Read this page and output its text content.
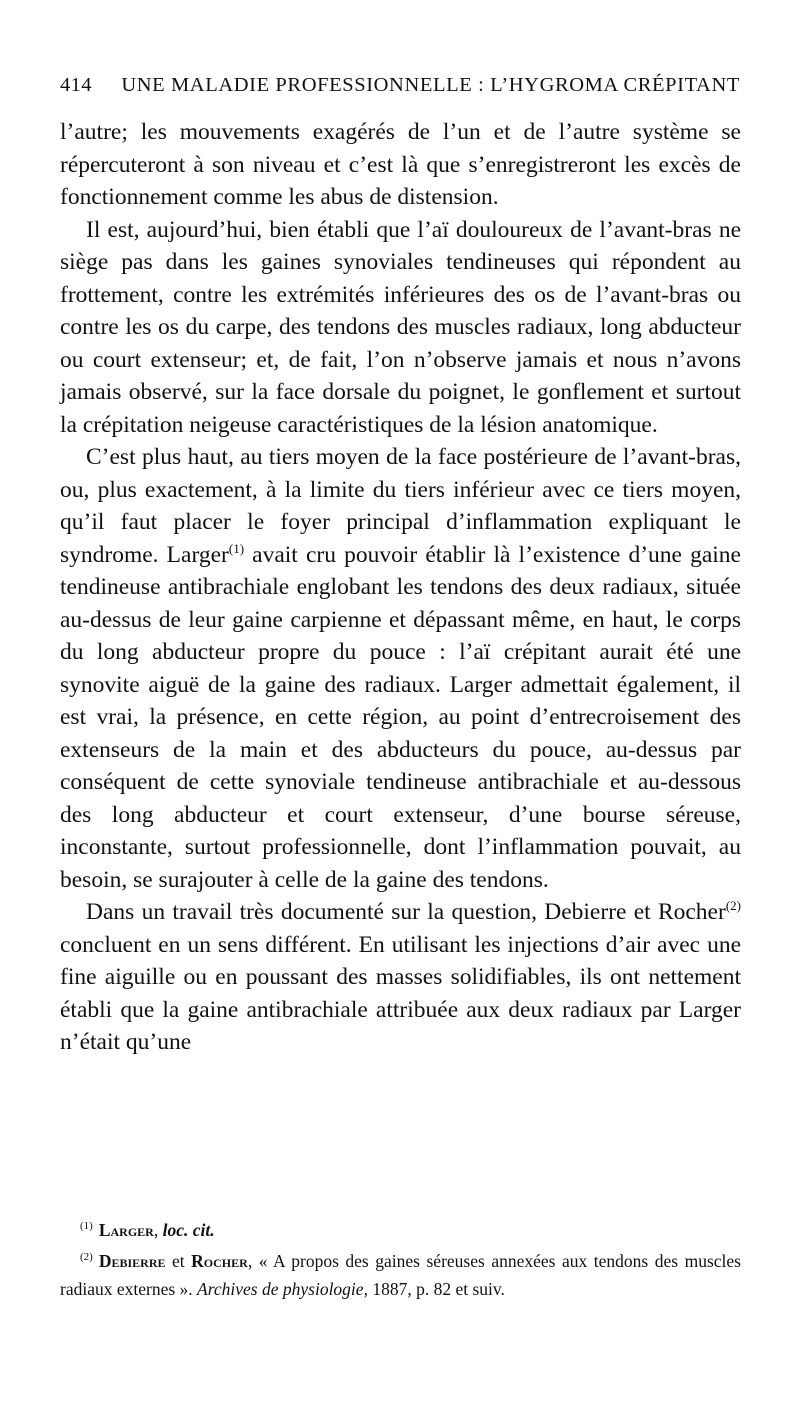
414	UNE MALADIE PROFESSIONNELLE : L’HYGROMA CRÉPITANT

l’autre; les mouvements exagérés de l’un et de l’autre système se répercuteront à son niveau et c’est là que s’enregistreront les excès de fonctionnement comme les abus de distension.

Il est, aujourd’hui, bien établi que l’aï douloureux de l’avant-bras ne siège pas dans les gaines synoviales tendineuses qui répondent au frottement, contre les extrémités inférieures des os de l’avant-bras ou contre les os du carpe, des tendons des muscles radiaux, long abducteur ou court extenseur; et, de fait, l’on n’observe jamais et nous n’avons jamais observé, sur la face dorsale du poignet, le gonflement et surtout la crépitation neigeuse caractéristiques de la lésion anatomique.

C’est plus haut, au tiers moyen de la face postérieure de l’avant-bras, ou, plus exactement, à la limite du tiers inférieur avec ce tiers moyen, qu’il faut placer le foyer principal d’inflammation expliquant le syndrome. Larger$^{(1)}$ avait cru pouvoir établir là l’existence d’une gaine tendineuse antibrachiale englobant les tendons des deux radiaux, située au-dessus de leur gaine carpienne et dépassant même, en haut, le corps du long abducteur propre du pouce : l’aï crépitant aurait été une synovite aiguë de la gaine des radiaux. Larger admettait également, il est vrai, la présence, en cette région, au point d’entrecroisement des extenseurs de la main et des abducteurs du pouce, au-dessus par conséquent de cette synoviale tendineuse antibrachiale et au-dessous des long abducteur et court extenseur, d’une bourse séreuse, inconstante, surtout professionnelle, dont l’inflammation pouvait, au besoin, se surajouter à celle de la gaine des tendons.

Dans un travail très documenté sur la question, Debierre et Rocher$^{(2)}$ concluent en un sens différent. En utilisant les injections d’air avec une fine aiguille ou en poussant des masses solidifiables, ils ont nettement établi que la gaine antibrachiale attribuée aux deux radiaux par Larger n’était qu’une

$^{(1)}$ Larger, loc. cit.

$^{(2)}$ Debierre et Rocher, « A propos des gaines séreuses annexées aux tendons des muscles radiaux externes ». Archives de physiologie, 1887, p. 82 et suiv.
